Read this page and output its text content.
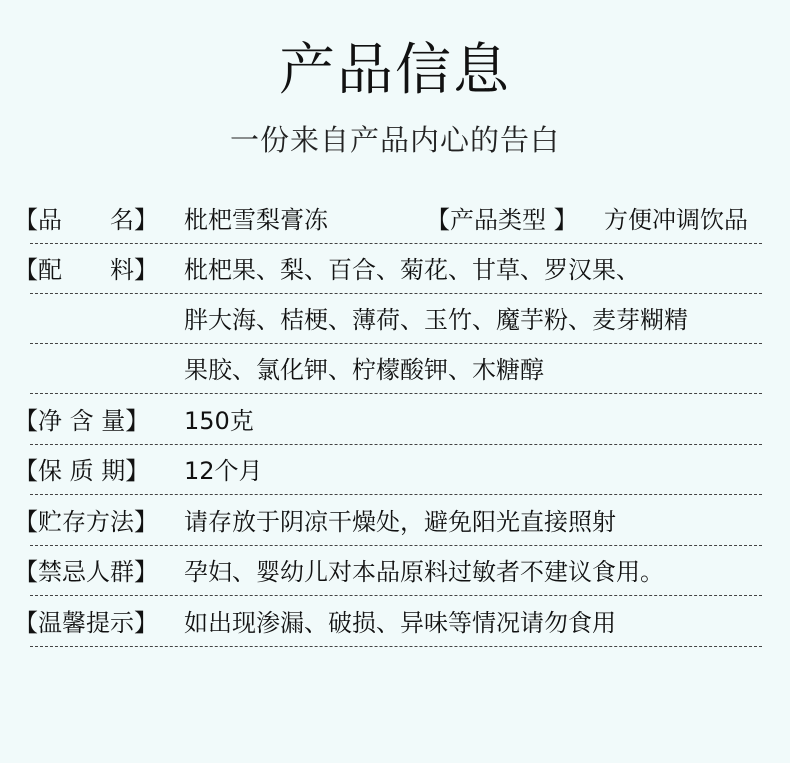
产品信息
一份来自产品内心的告白
【品　　名】 枇杷雪梨膏冻	【产品类型 】 方便冲调饮品
【配　　料】 枇杷果、梨、百合、菊花、甘草、罗汉果、
胖大海、桔梗、薄荷、玉竹、魔芋粉、麦芽糊精
果胶、氯化钾、柠檬酸钾、木糖醇
【净 含 量】 150克
【保 质 期】 12个月
【贮存方法】 请存放于阴凉干燥处，避免阳光直接照射
【禁忌人群】 孕妇、婴幼儿对本品原料过敏者不建议食用。
【温馨提示】 如出现渗漏、破损、异味等情况请勿食用
